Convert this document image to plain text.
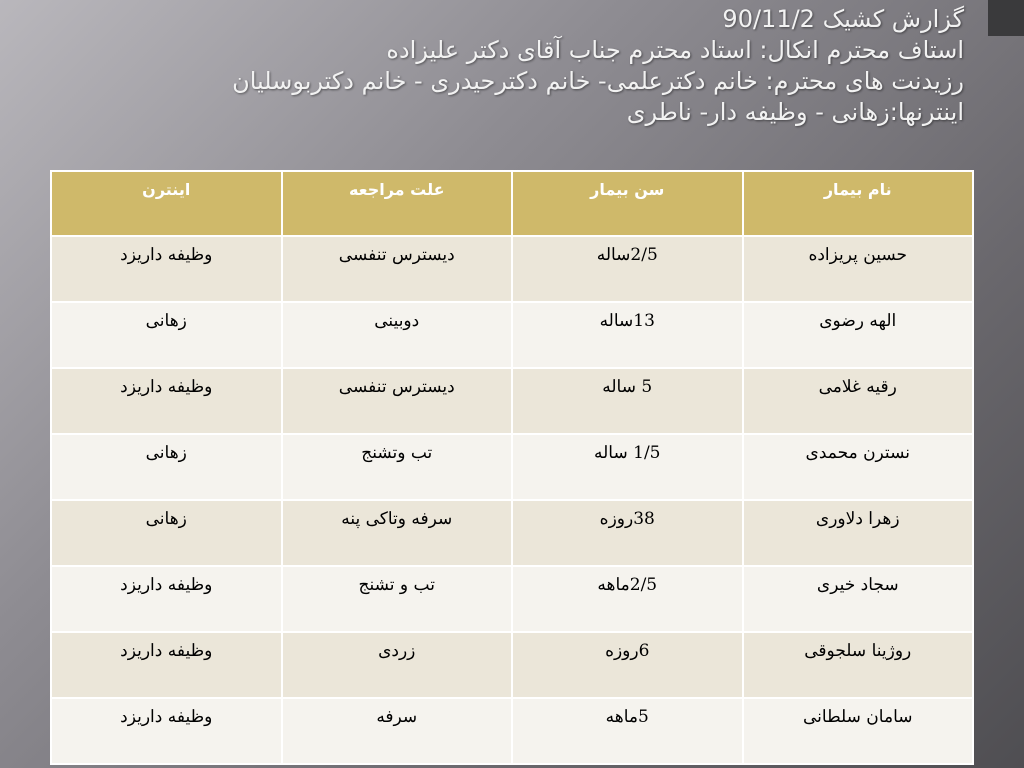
گزارش کشیک 90/11/2
استاف محترم انکال: استاد محترم جناب آقای دکتر علیزاده
رزیدنت های محترم: خانم دکترعلمی- خانم دکترحیدری - خانم دکتربوسلیان
اینترنها:زهانی - وظیفه دار- ناطری
نام بیمار	سن بیمار	علت مراجعه	اینترن
حسین پریزاده	2/5ساله	دیسترس تنفسی	وظیفه داریزد
الهه رضوی	13ساله	دوبینی	زهانی
رقیه غلامی	5 ساله	دیسترس تنفسی	وظیفه داریزد
نسترن محمدی	1/5 ساله	تب وتشنج	زهانی
زهرا دلاوری	38روزه	سرفه وتاکی پنه	زهانی
سجاد خیری	2/5ماهه	تب و تشنج	وظیفه داریزد
روژینا سلجوقی	6روزه	زردی	وظیفه داریزد
سامان سلطانی	5ماهه	سرفه	وظیفه داریزد
